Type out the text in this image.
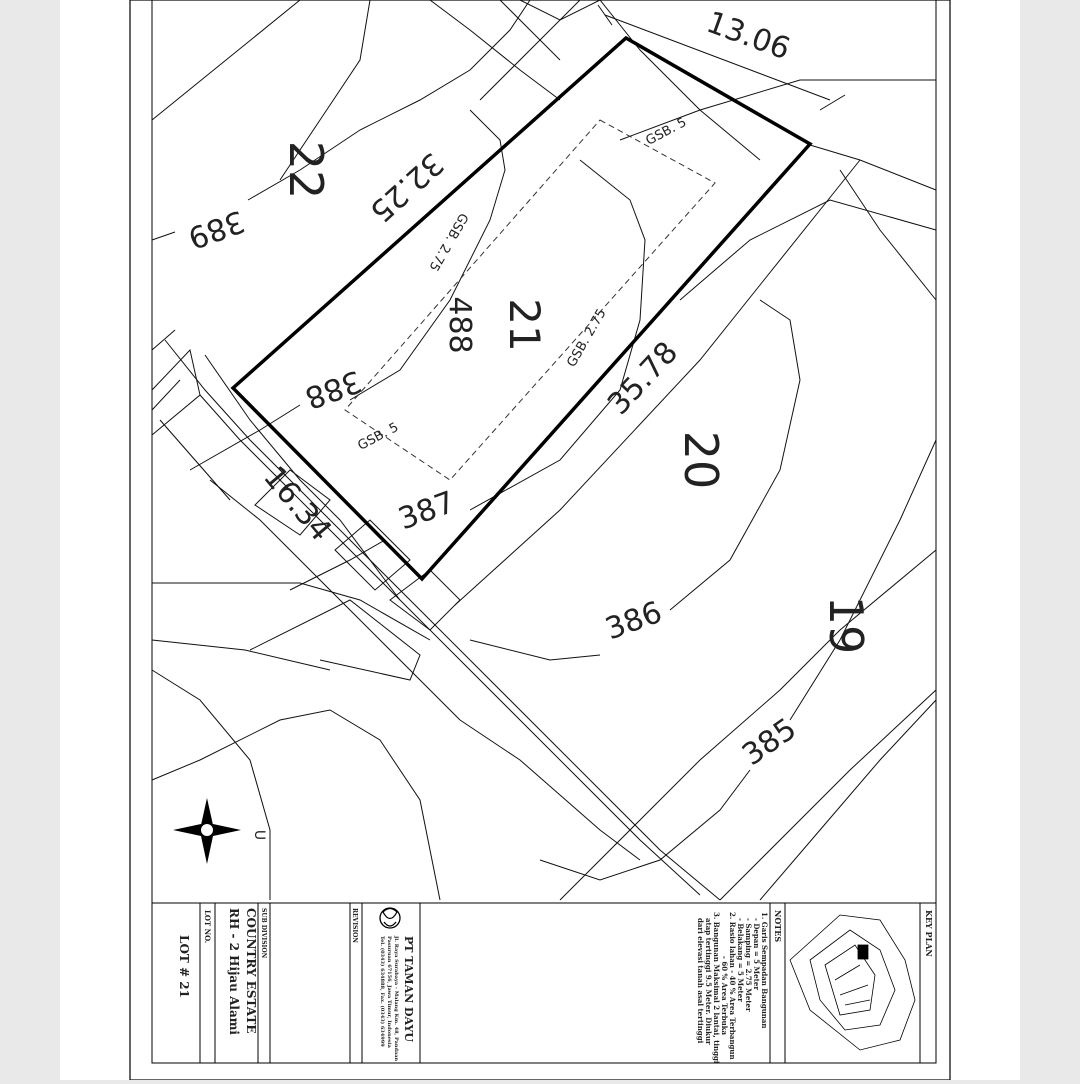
13.06
32.25
35.78
16.34
21
488
GSB. 5
GSB. 5
GSB. 2.75
GSB. 2.75
22
20
19
389
388
387
386
385
U
KEY PLAN
NOTES
1. Garis Sempadan Bangunan
- Depan = 5 Meter
- Samping = 2.75 Meter
- Belakang = 5 Meter
2. Rasio lahan - 40 % Area Terbangun
- 60 % Area Terbuka
3. Bangunan Maksimal 2 lantai, tinggi
atap tertinggi 9.5 Meter. Diukur
dari elevasi tanah asal tertinggi
PT TAMAN DAYU
Jl. Raya Surabaya - Malang Km. 48, Pandaan
Pasuruan 67156, Jawa Timur, Indonesia
Tel. (0343) 634888, Fax. (0343) 634999
REVISION
SUB DIVISION
COUNTRY ESTATE
RH - 2 Hijau Alami
LOT NO.
LOT # 21
